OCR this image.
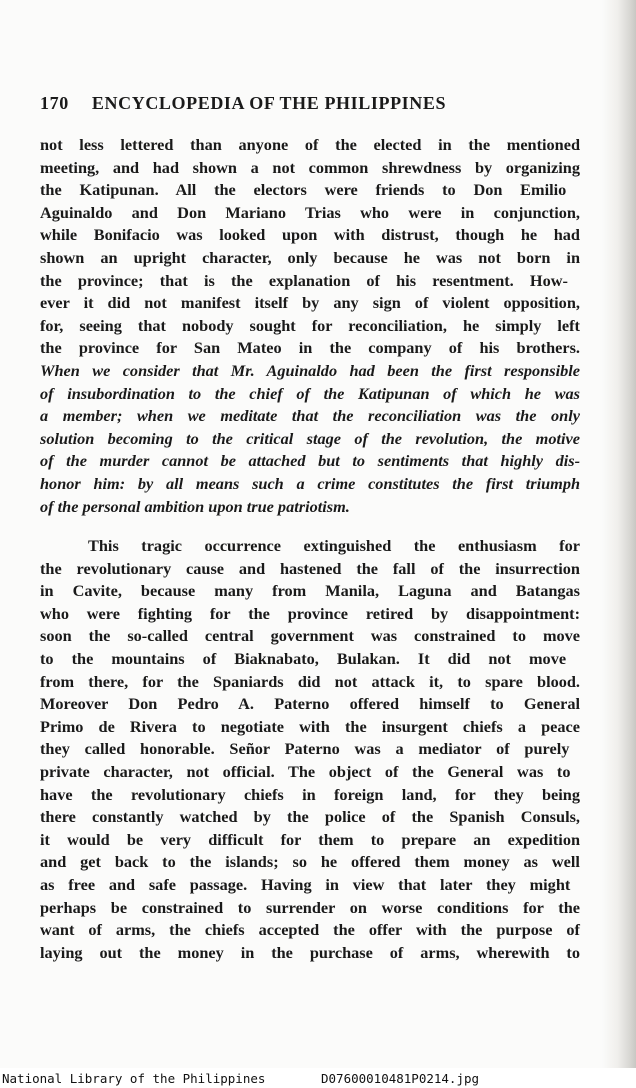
170 ENCYCLOPEDIA OF THE PHILIPPINES
not less lettered than anyone of the elected in the mentioned
meeting, and had shown a not common shrewdness by organizing
the Katipunan. All the electors were friends to Don Emilio
Aguinaldo and Don Mariano Trias who were in conjunction,
while Bonifacio was looked upon with distrust, though he had
shown an upright character, only because he was not born in
the province; that is the explanation of his resentment. How-
ever it did not manifest itself by any sign of violent opposition,
for, seeing that nobody sought for reconciliation, he simply left
the province for San Mateo in the company of his brothers.
When we consider that Mr. Aguinaldo had been the first responsible
of insubordination to the chief of the Katipunan of which he was
a member; when we meditate that the reconciliation was the only
solution becoming to the critical stage of the revolution, the motive
of the murder cannot be attached but to sentiments that highly dis-
honor him: by all means such a crime constitutes the first triumph
of the personal ambition upon true patriotism.
This tragic occurrence extinguished the enthusiasm for
the revolutionary cause and hastened the fall of the insurrection
in Cavite, because many from Manila, Laguna and Batangas
who were fighting for the province retired by disappointment:
soon the so-called central government was constrained to move
to the mountains of Biaknabato, Bulakan. It did not move
from there, for the Spaniards did not attack it, to spare blood.
Moreover Don Pedro A. Paterno offered himself to General
Primo de Rivera to negotiate with the insurgent chiefs a peace
they called honorable. Señor Paterno was a mediator of purely
private character, not official. The object of the General was to
have the revolutionary chiefs in foreign land, for they being
there constantly watched by the police of the Spanish Consuls,
it would be very difficult for them to prepare an expedition
and get back to the islands; so he offered them money as well
as free and safe passage. Having in view that later they might
perhaps be constrained to surrender on worse conditions for the
want of arms, the chiefs accepted the offer with the purpose of
laying out the money in the purchase of arms, wherewith to
National Library of the Philippines	D07600010481P0214.jpg
